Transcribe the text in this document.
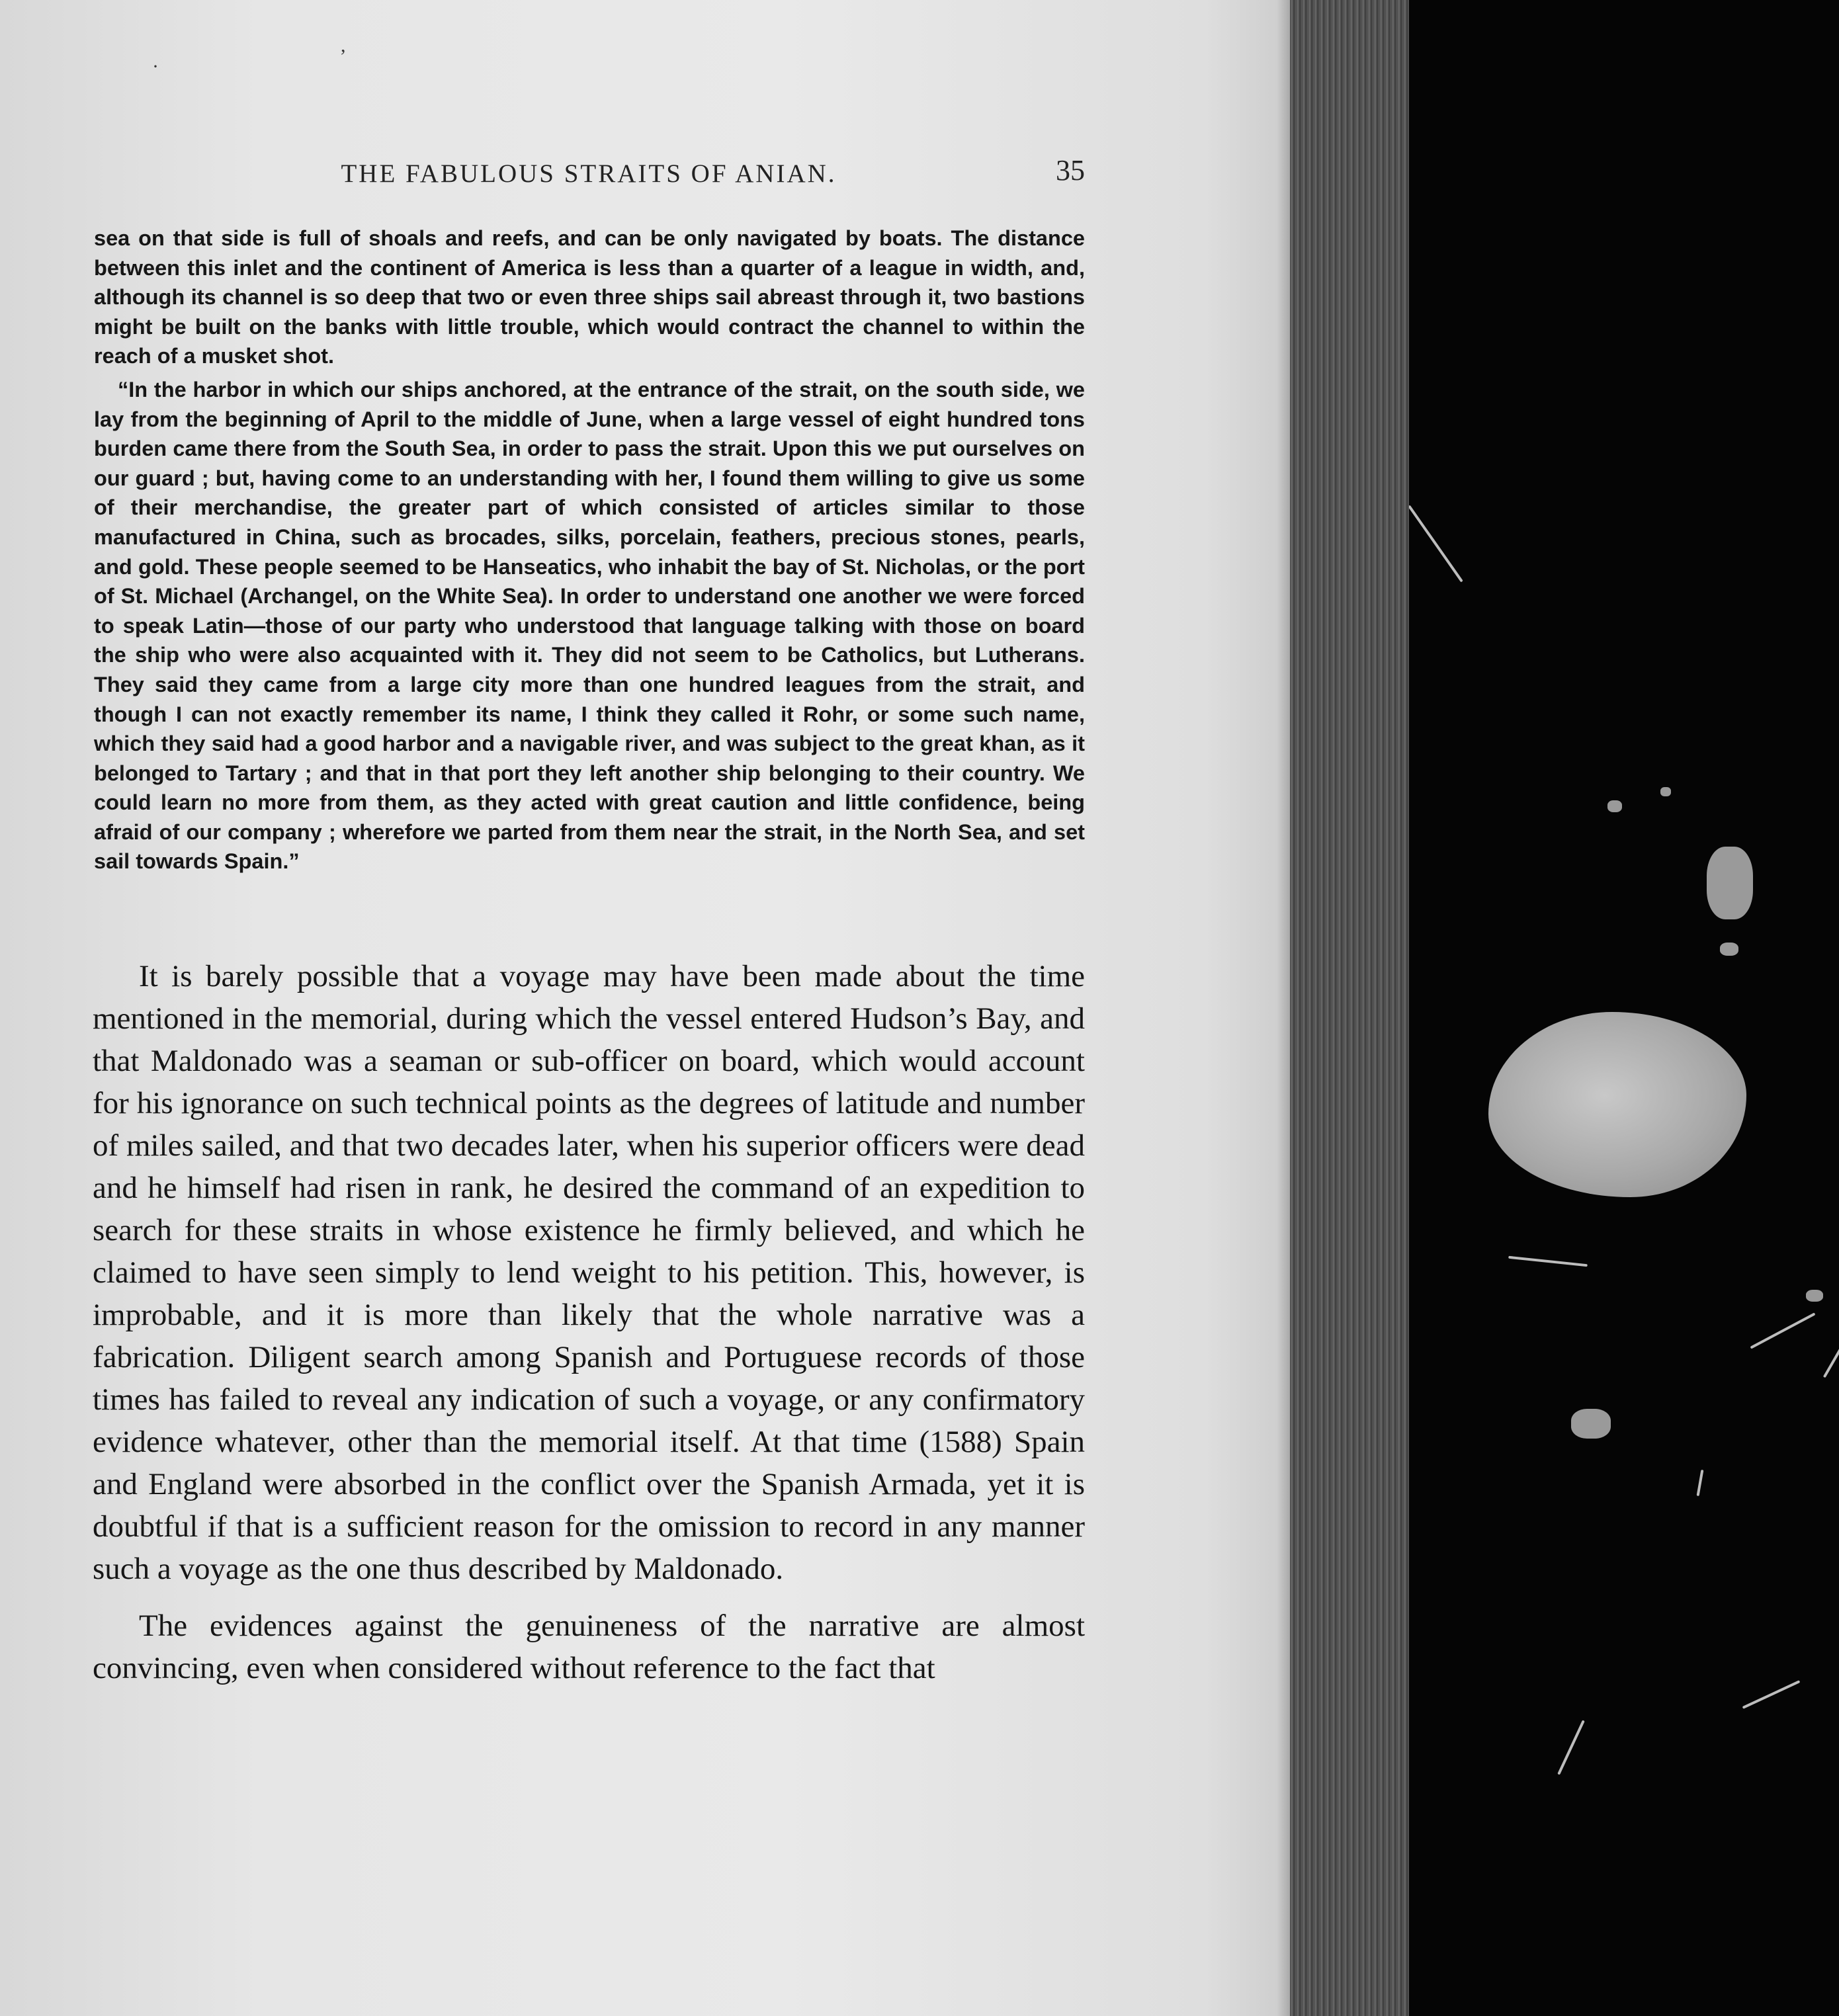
THE FABULOUS STRAITS OF ANIAN.	35
·
,

sea on that side is full of shoals and reefs, and can be only navigated by boats. The distance between this inlet and the continent of America is less than a quarter of a league in width, and, although its channel is so deep that two or even three ships sail abreast through it, two bastions might be built on the banks with little trouble, which would contract the channel to within the reach of a musket shot.

“In the harbor in which our ships anchored, at the entrance of the strait, on the south side, we lay from the beginning of April to the middle of June, when a large vessel of eight hundred tons burden came there from the South Sea, in order to pass the strait. Upon this we put ourselves on our guard ; but, having come to an understanding with her, I found them willing to give us some of their merchandise, the greater part of which consisted of articles similar to those manufactured in China, such as brocades, silks, porcelain, feathers, precious stones, pearls, and gold. These people seemed to be Hanseatics, who inhabit the bay of St. Nicholas, or the port of St. Michael (Archangel, on the White Sea). In order to understand one another we were forced to speak Latin—those of our party who understood that language talking with those on board the ship who were also acquainted with it. They did not seem to be Catholics, but Lutherans. They said they came from a large city more than one hundred leagues from the strait, and though I can not exactly remember its name, I think they called it Rohr, or some such name, which they said had a good harbor and a navigable river, and was subject to the great khan, as it belonged to Tartary ; and that in that port they left another ship belonging to their country. We could learn no more from them, as they acted with great caution and little confidence, being afraid of our company ; wherefore we parted from them near the strait, in the North Sea, and set sail towards Spain.”

It is barely possible that a voyage may have been made about the time mentioned in the memorial, during which the vessel entered Hudson’s Bay, and that Maldonado was a seaman or sub-officer on board, which would account for his ignorance on such technical points as the degrees of latitude and number of miles sailed, and that two decades later, when his superior officers were dead and he himself had risen in rank, he desired the command of an expedition to search for these straits in whose existence he firmly believed, and which he claimed to have seen simply to lend weight to his petition. This, however, is improbable, and it is more than likely that the whole narrative was a fabrication. Diligent search among Spanish and Portuguese records of those times has failed to reveal any indication of such a voyage, or any confirmatory evidence whatever, other than the memorial itself. At that time (1588) Spain and England were absorbed in the conflict over the Spanish Armada, yet it is doubtful if that is a sufficient reason for the omission to record in any manner such a voyage as the one thus described by Maldonado.

The evidences against the genuineness of the narrative are almost convincing, even when considered without reference to the fact that
